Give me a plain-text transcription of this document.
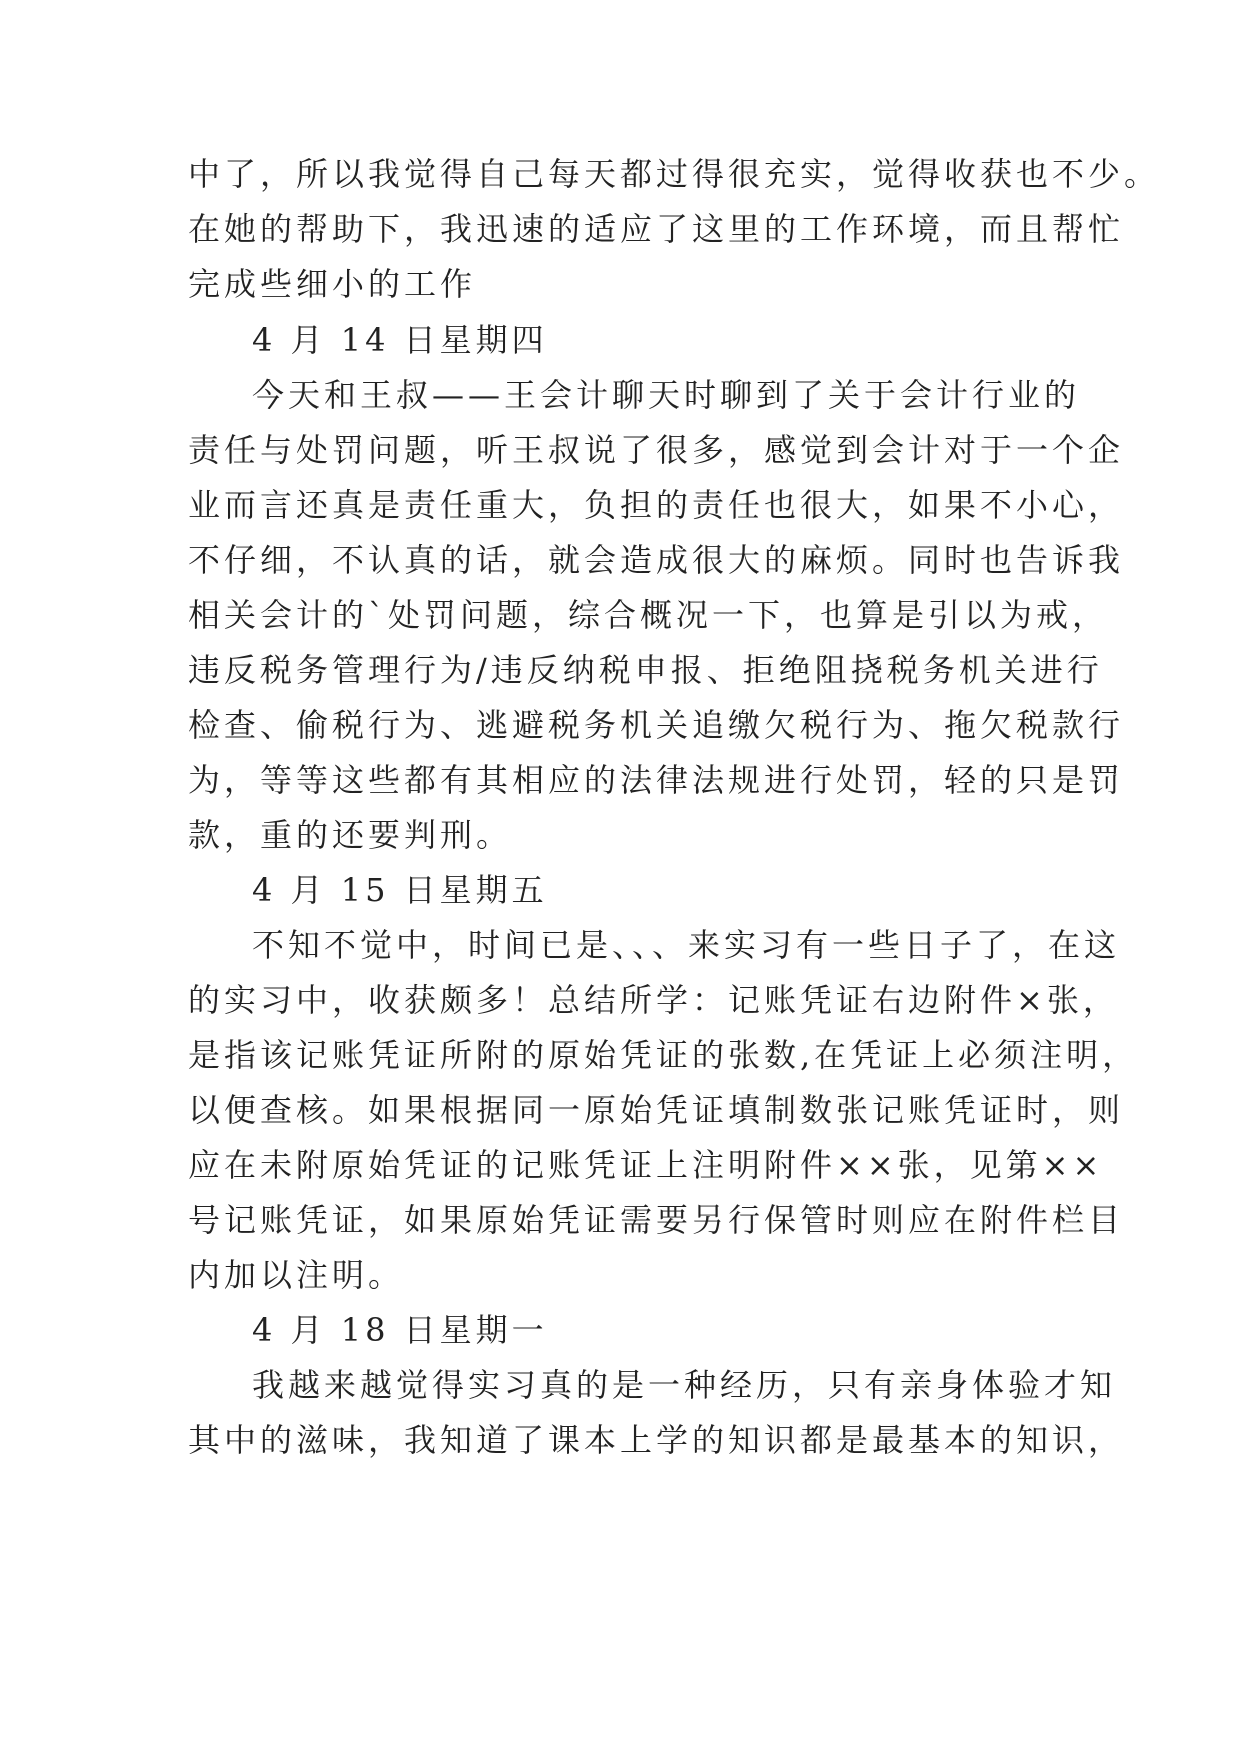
中了，所以我觉得自己每天都过得很充实，觉得收获也不少。
在她的帮助下，我迅速的适应了这里的工作环境，而且帮忙
完成些细小的工作
4 月 14 日星期四
今天和王叔——王会计聊天时聊到了关于会计行业的
责任与处罚问题，听王叔说了很多，感觉到会计对于一个企
业而言还真是责任重大，负担的责任也很大，如果不小心，
不仔细，不认真的话，就会造成很大的麻烦。同时也告诉我
相关会计的`处罚问题，综合概况一下，也算是引以为戒，
违反税务管理行为/违反纳税申报、拒绝阻挠税务机关进行
检查、偷税行为、逃避税务机关追缴欠税行为、拖欠税款行
为，等等这些都有其相应的法律法规进行处罚，轻的只是罚
款，重的还要判刑。
4 月 15 日星期五
不知不觉中，时间已是、、、来实习有一些日子了，在这
的实习中，收获颇多！总结所学：记账凭证右边附件×张，
是指该记账凭证所附的原始凭证的张数,在凭证上必须注明，
以便查核。如果根据同一原始凭证填制数张记账凭证时，则
应在未附原始凭证的记账凭证上注明附件××张，见第××
号记账凭证，如果原始凭证需要另行保管时则应在附件栏目
内加以注明。
4 月 18 日星期一
我越来越觉得实习真的是一种经历，只有亲身体验才知
其中的滋味，我知道了课本上学的知识都是最基本的知识，
